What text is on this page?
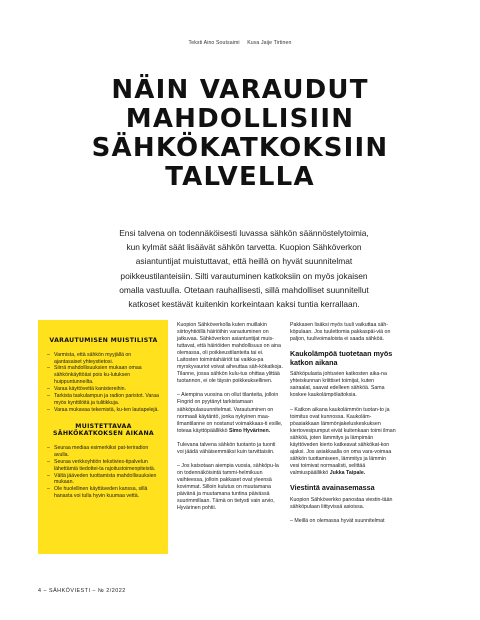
Teksti Aino Soutsaimi Kuva Jaije Tirtinen
NÄIN VARAUDUT
MAHDOLLISIIN
SÄHKÖKATKOKSIIN
TALVELLA

Ensi talvena on todennäköisesti luvassa sähkön säännöstelytoimia, kun kylmät säät lisäävät sähkön tarvetta. Kuopion Sähköverkon asiantuntijat muistuttavat, että heillä on hyvät suunnitelmat poikkeustilanteisiin. Silti varautuminen katkoksiin on myös jokaisen omalla vastuulla. Otetaan rauhallisesti, sillä mahdolliset suunnitellut katkoset kestävät kuitenkin korkeintaan kaksi tuntia kerrallaan.

VARAUTUMISEN MUISTILISTA
– Varmista, että sähkön myyjällä on ajantasaiset yhteystietosi.
– Siirrä mahdollisuuksien mukaan omaa sähkönkäyttöäsi pois ku-lutuksen huippuntunneilta.
– Varaa käyttövettä kanistereihin.
– Tarkista taskulampun ja radion paristot. Varaa myös kynttilöitä ja tulitikkuja.
– Varaa mukavaa tekemistä, ku-ten lautapelejä.
MUISTETTAVAA SÄHKÖKATKOKSEN AIKANA
– Seuraa mediaa esimerkiksi pat-teriradion avulla.
– Seuraa verkkoyhtiön tekstivies-tipalvelun lähettämiä tiedottei-ta rajoitustoimenpiteistä.
– Vältä jääveden tuottamista mahdollisuuksien mukaan.
– Ole huolellinen käyttäveden kanssa, sillä hanasta voi tulla hyvin kuumaa vettä.

Kuopion Sähköverkolla kuten muillakin siirtoyhtiöillä häiriöihin varautuminen on jatkuvaa. Sähköverkon asiantuntijat muis-tuttavat, että häiriöiden mahdollisuus on aina olemassa, oli poikkeustilanteita tai ei. Laitosten toimintahäiriöt tai vaikka-pa myrskyvauriot voivat aiheuttaa säh-kökatkoja. Tilanne, jossa sähkön kulu-tus ohittaa ylittää tuotannon, ei ole täysin poikkeuksellinen.

– Aiempina vuosina on ollut tilanteita, jolloin Fingrid on pyytänyt tarkistamaan sähköpulasuunnitelmat. Varautuminen on normaali käytäntö, jonka nykyinen maa-ilmantilanne on nostanut voimakkaas-ti esille, toteaa käyttöpäällikkö Simo Hyvärinen.

Tulevana talvena sähkön tuotanto ja tuonti voi jäädä vähäisemmäksi kuin tarvittaisiin.

– Jos katsotaan aiempia vuosia, sähköpu-la on todennäköisintä tammi-helmikuun vaihteessa, jolloin pakkaset ovat yleensä kovimmat. Silloin kulutus on muutamana päivänä ja muutamana tuntina päivässä suurimmillaan. Tämä on tietysti vain arvio, Hyvärinen pohtii.

Pakkasen lisäksi myös tuuli vaikuttaa säh-köpulaan. Jos tuulettomia pakkaspäi-viä on paljon, tuulivoimaloista ei saada sähköä.

Kaukolämpöä tuotetaan myös katkon aikana

Sähköpulasta johtuvien katkosten aika-na yhteiskunnan kriittiset toimijat, kuten sairaalat, saavat edelleen sähköä. Sama koskee kaukolämpölaitoksia.

– Katkon aikana kaukolämmön tuotan-to ja toimitus ovat kunnossa. Kaukoläm-pöasiakkaan lämmönjakeluskeskuksen kiertovesipumput eivät kuitenkaan toimi ilman sähköä, joten lämmitys ja lämpimän käyttöveden kierto katkeavat sähkökat-kon ajaksi. Jos asiakkaalla on oma vara-voimaa sähkön tuottamiseen, lämmitys ja lämmin vesi toimivat normaalisti, selittää valmiuspäällikkö Jukka Taipale.

Viestintä avainasemassa

Kuopion Sähköverkko panostaa viestin-tään sähköpulaan liittyvissä asioissa.

– Meillä on olemassa hyvät suunnitelmat

4 – SÄHKÖVIESTI – № 2/2022
